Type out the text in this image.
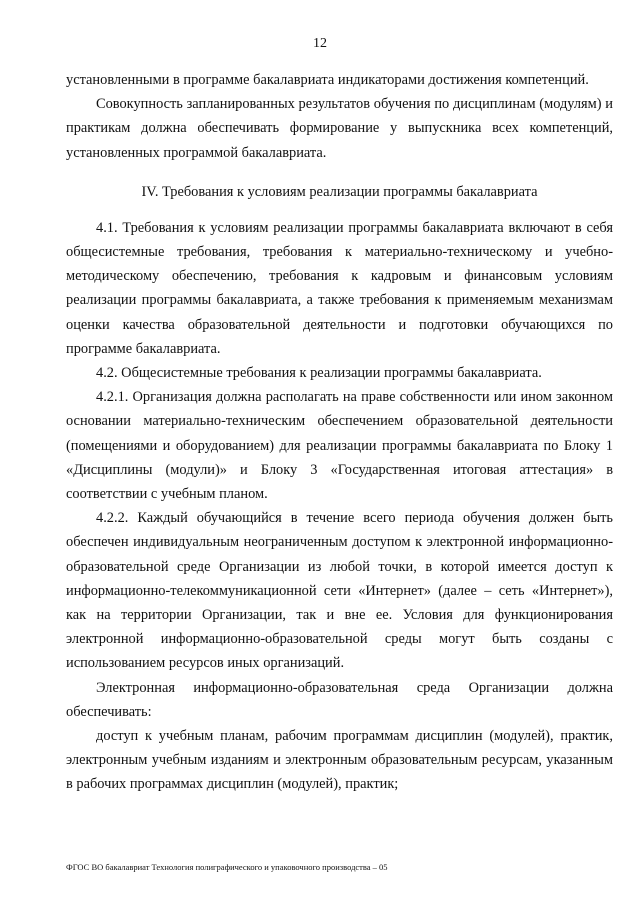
12

установленными в программе бакалавриата индикаторами достижения компетенций.

Совокупность запланированных результатов обучения по дисциплинам (модулям) и практикам должна обеспечивать формирование у выпускника всех компетенций, установленных программой бакалавриата.

IV. Требования к условиям реализации программы бакалавриата

4.1. Требования к условиям реализации программы бакалавриата включают в себя общесистемные требования, требования к материально-техническому и учебно-методическому обеспечению, требования к кадровым и финансовым условиям реализации программы бакалавриата, а также требования к применяемым механизмам оценки качества образовательной деятельности и подготовки обучающихся по программе бакалавриата.

4.2. Общесистемные требования к реализации программы бакалавриата.

4.2.1. Организация должна располагать на праве собственности или ином законном основании материально-техническим обеспечением образовательной деятельности (помещениями и оборудованием) для реализации программы бакалавриата по Блоку 1 «Дисциплины (модули)» и Блоку 3 «Государственная итоговая аттестация» в соответствии с учебным планом.

4.2.2. Каждый обучающийся в течение всего периода обучения должен быть обеспечен индивидуальным неограниченным доступом к электронной информационно-образовательной среде Организации из любой точки, в которой имеется доступ к информационно-телекоммуникационной сети «Интернет» (далее – сеть «Интернет»), как на территории Организации, так и вне ее. Условия для функционирования электронной информационно-образовательной среды могут быть созданы с использованием ресурсов иных организаций.

Электронная информационно-образовательная среда Организации должна обеспечивать:

доступ к учебным планам, рабочим программам дисциплин (модулей), практик, электронным учебным изданиям и электронным образовательным ресурсам, указанным в рабочих программах дисциплин (модулей), практик;

ФГОС ВО бакалавриат Технология полиграфического и упаковочного производства – 05
